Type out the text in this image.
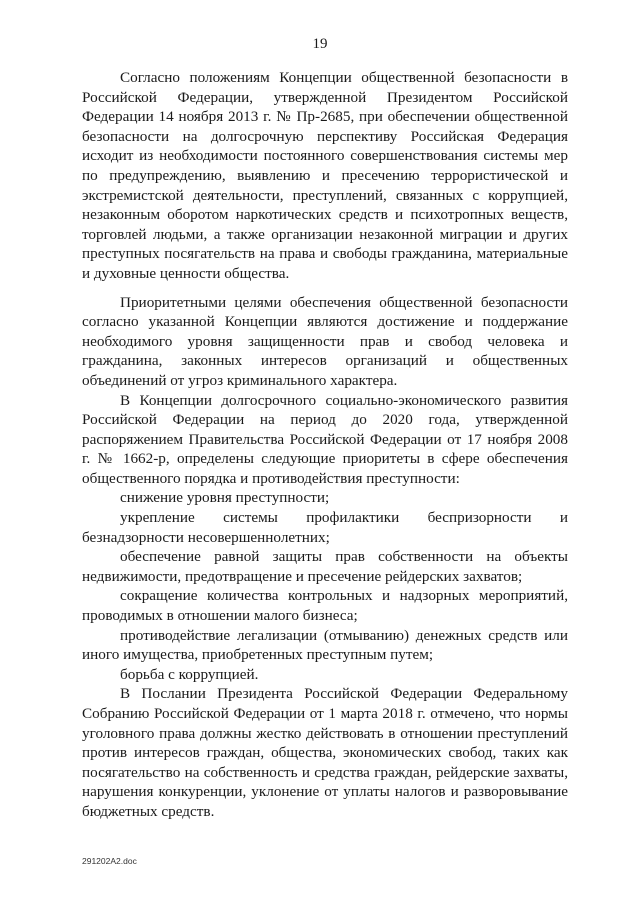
19

Согласно положениям Концепции общественной безопасности в Российской Федерации, утвержденной Президентом Российской Федерации 14 ноября 2013 г. № Пр-2685, при обеспечении общественной безопасности на долгосрочную перспективу Российская Федерация исходит из необходимости постоянного совершенствования системы мер по предупреждению, выявлению и пресечению террористической и экстремистской деятельности, преступлений, связанных с коррупцией, незаконным оборотом наркотических средств и психотропных веществ, торговлей людьми, а также организации незаконной миграции и других преступных посягательств на права и свободы гражданина, материальные и духовные ценности общества.

Приоритетными целями обеспечения общественной безопасности согласно указанной Концепции являются достижение и поддержание необходимого уровня защищенности прав и свобод человека и гражданина, законных интересов организаций и общественных объединений от угроз криминального характера.

В Концепции долгосрочного социально-экономического развития Российской Федерации на период до 2020 года, утвержденной распоряжением Правительства Российской Федерации от 17 ноября 2008 г. № 1662-р, определены следующие приоритеты в сфере обеспечения общественного порядка и противодействия преступности:

снижение уровня преступности;

укрепление системы профилактики беспризорности и безнадзорности несовершеннолетних;

обеспечение равной защиты прав собственности на объекты недвижимости, предотвращение и пресечение рейдерских захватов;

сокращение количества контрольных и надзорных мероприятий, проводимых в отношении малого бизнеса;

противодействие легализации (отмыванию) денежных средств или иного имущества, приобретенных преступным путем;

борьба с коррупцией.

В Послании Президента Российской Федерации Федеральному Собранию Российской Федерации от 1 марта 2018 г. отмечено, что нормы уголовного права должны жестко действовать в отношении преступлений против интересов граждан, общества, экономических свобод, таких как посягательство на собственность и средства граждан, рейдерские захваты, нарушения конкуренции, уклонение от уплаты налогов и разворовывание бюджетных средств.

291202A2.doc
